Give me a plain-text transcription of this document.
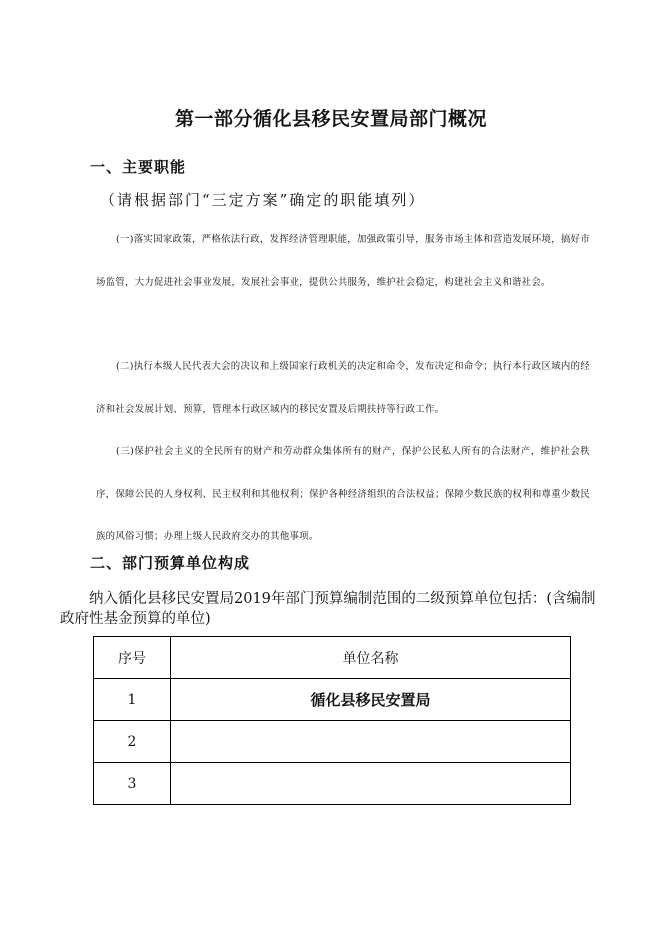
第一部分循化县移民安置局部门概况
一、主要职能
（请根据部门“三定方案”确定的职能填列）
(一)落实国家政策，严格依法行政，发挥经济管理职能，加强政策引导，服务市场主体和营造发展环境，搞好市场监管，大力促进社会事业发展，发展社会事业，提供公共服务，维护社会稳定，构建社会主义和谐社会。
(二)执行本级人民代表大会的决议和上级国家行政机关的决定和命令，发布决定和命令；执行本行政区域内的经济和社会发展计划、预算，管理本行政区域内的移民安置及后期扶持等行政工作。
(三)保护社会主义的全民所有的财产和劳动群众集体所有的财产，保护公民私人所有的合法财产，维护社会秩序，保障公民的人身权利、民主权利和其他权利；保护各种经济组织的合法权益；保障少数民族的权利和尊重少数民族的风俗习惯；办理上级人民政府交办的其他事项。
二、部门预算单位构成
纳入循化县移民安置局2019年部门预算编制范围的二级预算单位包括：(含编制政府性基金预算的单位)
序号	单位名称
1	循化县移民安置局
2	
3	
